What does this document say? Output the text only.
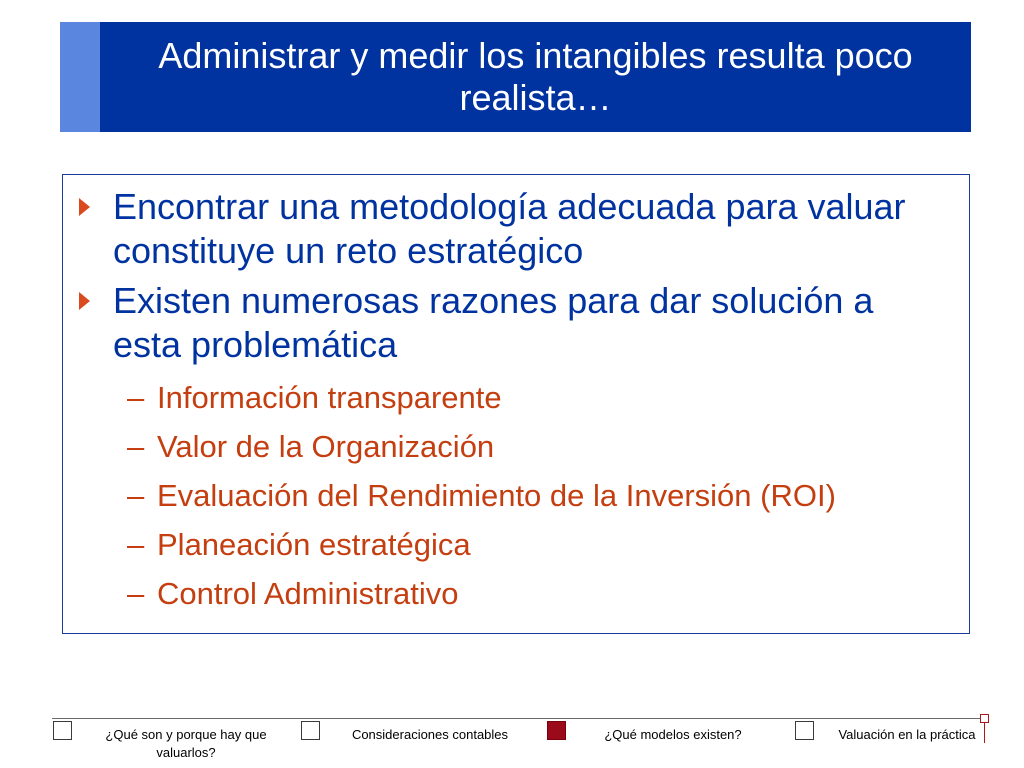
Administrar y medir los intangibles resulta poco realista…
Encontrar una metodología adecuada para valuar constituye un reto estratégico
Existen numerosas razones para dar solución a esta problemática
– Información transparente
– Valor de la Organización
– Evaluación del Rendimiento de la Inversión (ROI)
– Planeación estratégica
– Control Administrativo
¿Qué son y porque hay que valuarlos?
Consideraciones contables	¿Qué modelos existen?	Valuación en la práctica
